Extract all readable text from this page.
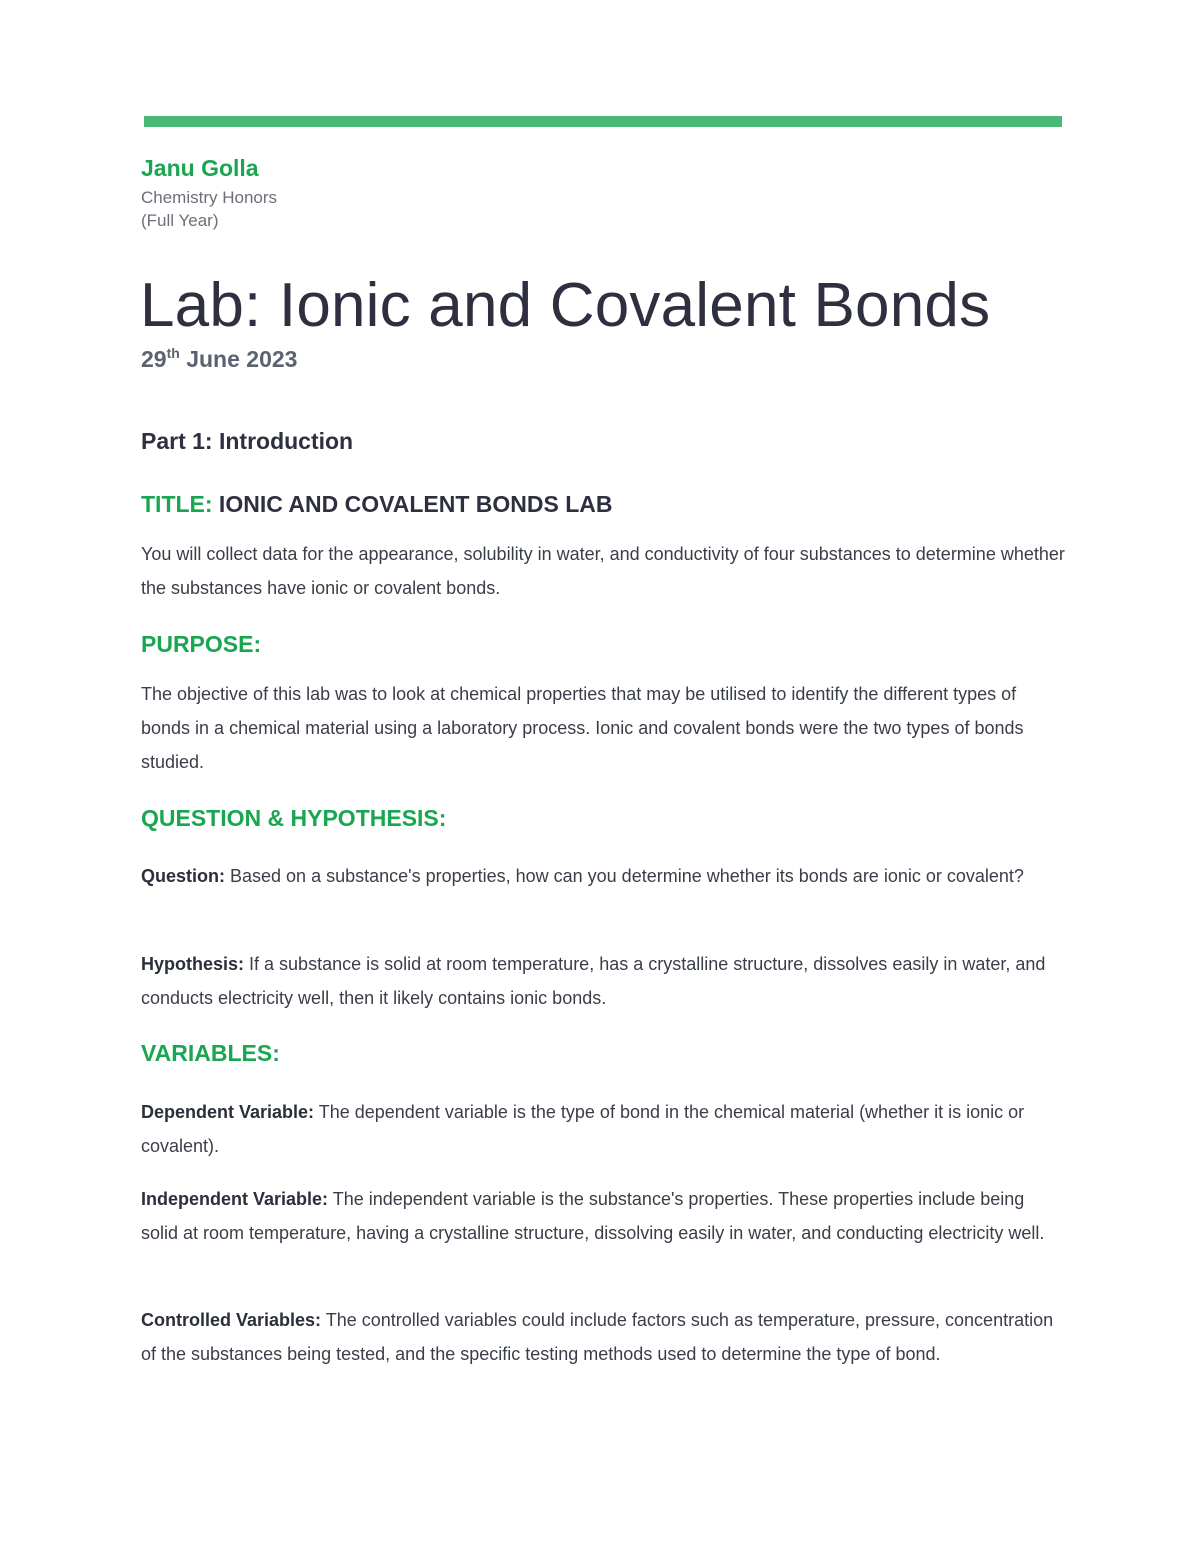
Janu Golla

Chemistry Honors
(Full Year)

Lab: Ionic and Covalent Bonds

29th June 2023

Part 1: Introduction
TITLE: IONIC AND COVALENT BONDS LAB

You will collect data for the appearance, solubility in water, and conductivity of four substances to determine whether the substances have ionic or covalent bonds.

PURPOSE:

The objective of this lab was to look at chemical properties that may be utilised to identify the different types of bonds in a chemical material using a laboratory process. Ionic and covalent bonds were the two types of bonds studied.

QUESTION & HYPOTHESIS:

Question: Based on a substance's properties, how can you determine whether its bonds are ionic or covalent?

Hypothesis: If a substance is solid at room temperature, has a crystalline structure, dissolves easily in water, and conducts electricity well, then it likely contains ionic bonds.

VARIABLES:

Dependent Variable: The dependent variable is the type of bond in the chemical material (whether it is ionic or covalent).

Independent Variable: The independent variable is the substance's properties. These properties include being solid at room temperature, having a crystalline structure, dissolving easily in water, and conducting electricity well.

Controlled Variables: The controlled variables could include factors such as temperature, pressure, concentration of the substances being tested, and the specific testing methods used to determine the type of bond.
